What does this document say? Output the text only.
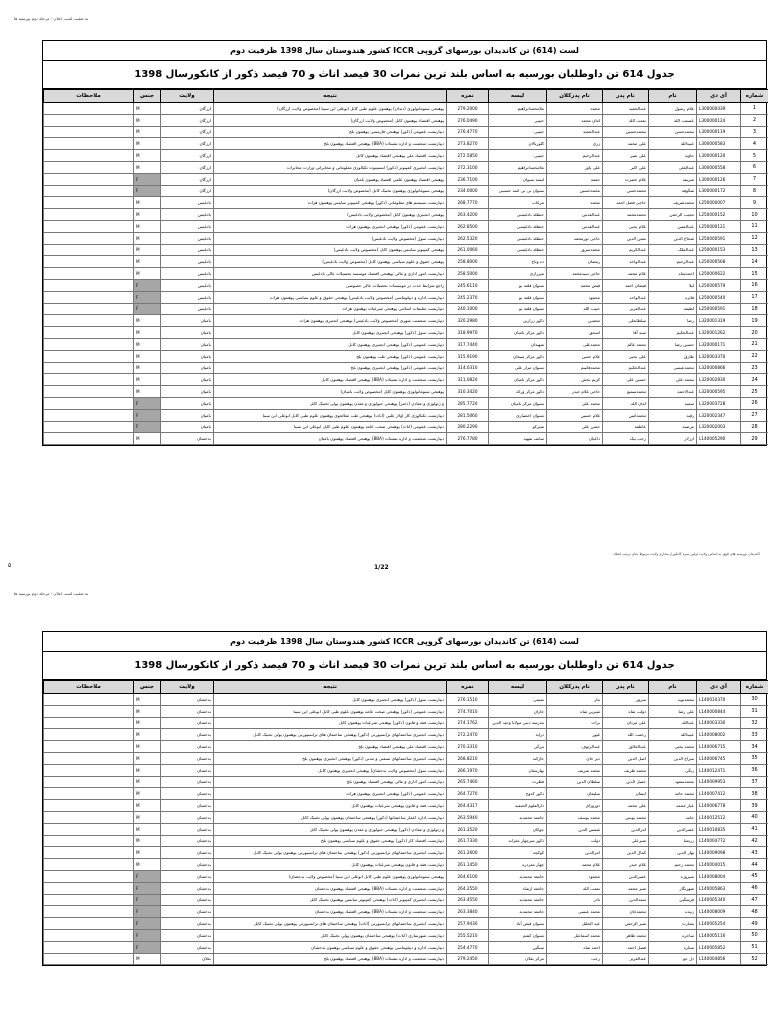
به تعقیب لست اعلان - مرحله دوم بورسیه ها
لست (614) تن کاندیدان بورسهای گروپی ICCR کشور هندوستان سال 1398 ظرفیت دوم
جدول 614 تن داوطلبان بورسیه به اساس بلند ترین نمرات 30 فیصد اناث و 70 فیصد ذکور از کانکورسال 1398
شماره	آی دی	نام	نام پدر	نام پدرکلان	لیسه	نمره	نتیجه	ولایت	جنس	ملاحظات
1	L300000439	غلام رسول	عبدالحمید	محمد	ملامحمدابراهیم	279.2000	پوهنحی ستوماتولوژی (دندان) پوهنتون علوم طبی کابل ابوعلی ابن سینا (مخصوص ولایت ارزگان)	ارزگان	M	
2	L300000124	عصمت الله	نعمت الله	امان محمد	حبیبی	276.0490	پوهنحی اقتصاد پوهنتون کابل (مخصوص ولایت ارزگان)	ارزگان	M	
3	L300000119	محمدحسن	محمدحسین	عبدالحمید	حبیبی	276.4770	دیپارتمنت عمومی (ذکور) پوهنحی فارمسی پوهنتون بلخ	ارزگان	M	
4	L300000583	عبیدالله	علی محمد	زری	کلوربالان	273.8270	دیپارتمنت منجمنت و اداره تشبثات (BBA) پوهنحی اقتصاد پوهنتون بلخ	ارزگان	M	
5	L300000120	جاوید	علی شیر	عبدالرحیم	حبیبی	272.5850	دیپارتمنت اقتصاد ملی پوهنحی اقتصاد پوهنتون کابل	ارزگان	M	
6	L300000558	عبدالعلی	علی اکبر	علی یاور	ملامحمدابراهیم	272.3100	دیپارتمنت انجنیری کمپیوتر (ذکور) انستیتوت تکنالوژی معلوماتی و مخابراتی وزارت مخابرات	ارزگان	M	
7	L300000126	شریفه	غلام حضرت	جمعه	لیسه نسوان	236.7100	پوهنحی اقتصاد پوهنتون علمی اقتصاد پوهنتون بامیان	ارزگان	F	
8	L300000172	شگوفه	محمدحسن	محمدحسین	نسوان بی بی امنه حسینی	234.0000	پوهنحی ستوماتولوژی پوهنتون تخنیک کابل (مخصوص ولایت ارزگان)	ارزگان	F	
9	L250000007	محمدشریف	حاجی فضل احمد	محمد	مرغاب	268.7770	دیپارتمنت سیستم های معلوماتی (ذکور) پوهنحی کمپیوتر ساینس پوهنتون هرات	بادغیس	M	
10	L250000152	مجیب الرحمن	محمدمحمد	عبدالقدس	حنظله بادغیسی	263.4200	پوهنحی انجنیری پوهنتون کابل (مخصوص ولایت بادغیس)	بادغیس	M	
11	L250000121	عبدالمتین	غلام یحیی	عبدالقدس	حنظله بادغیسی	262.8500	دیپارتمنت عمومی (ذکور) پوهنحی انجنیری پوهنتون هرات	بادغیس	M	
12	L250000591	شجاع الدین	معین الدین	حاجی نورمحمد	حنظله بادغیسی	262.5320	دیپارتمنت سول (مخصوص ولایت بادغیس)	بادغیس	M	
13	L250000153	عبدالملک	عبدالکریم	محمدسرور	حنظله بادغیسی	261.0060	پوهنحی کمپیوتر ساینس پوهنتون کابل (مخصوص ولایت بادغیس)	بادغیس	M	
14	L250000568	عبدالرحیم	عبدالواحد	رمضان	ده وتاج	258.8000	پوهنحی حقوق و علوم سیاسی پوهنتون کابل (مخصوص ولایت بادغیس)	بادغیس	M	
15	L250000622	احمدشاه	غلام محمد	حاجی سیدمحمد	میرزازی	258.5000	دیپارتمنت امور اداری و مالی پوهنحی اقتصاد موسسه تحصیلات عالی بادغیس	بادغیس	M	
16	L250000579	لیلا	فیضان احمد	فیض محمد	نسوان قلعه نو	245.6110	راجع شرایط جذب در موسسات تحصیلات عالی خصوصی	بادغیس	F	
17	L250000540	فائزه	عبدالواحد	محمود	نسوان قلعه نو	245.2370	دیپارتمنت اداره و دیپلوماسی (مخصوص ولایت بادغیس) پوهنحی حقوق و علوم سیاسی پوهنتون هرات	بادغیس	F	
18	L250000591	لطیفه	عبدالعزیز	حبیب الله	نسوان قلعه نو	240.1000	دیپارتمنت تعلیمات اسلامی پوهنحی شرعیات پوهنتون هرات	بادغیس	F	
19	L320001319	رضا	سلطانعلی	محسن	ذکور زرارین	320.2980	دیپارتمنت منجمنت شهری (مخصوص ولایت بادغیس) پوهنحی انجنیری پوهنتون هرات	بامیان	M	
20	L320001262	عبدالحکیم	سید آقا	اسحق	ذکور مرکز بامیان	318.9970	دیپارتمنت سول (ذکور) پوهنحی انجنیری پوهنتون کابل	بامیان	M	
21	L320000171	حسین رضا	محمد عالم	محمدعلی	شهیدان	317.7440	دیپارتمنت عمومی (ذکور) پوهنحی انجنیری پوهنتون کابل	بامیان	M	
22	L320003370	طارق	علی یحیی	غلام حسن	ذکور مرکز سیغان	315.9190	دیپارتمنت عمومی (ذکور) پوهنحی طب پوهنتون بلخ	بامیان	M	
23	L320000866	محمدعیسی	عبدالحکیم	محمدقاسم	نسوان مزار علی	314.0310	دیپارتمنت عمومی (ذکور) پوهنحی انجنیری پوهنتون بلخ	بامیان	M	
24	L320002830	محمد علی	حسین علی	کریم بخش	ذکور مرکز بامیان	311.0820	دیپارتمنت منجمنت و اداره تشبثات (BBA) پوهنحی اقتصاد پوهنتون کابل	بامیان	M	
25	L320000595	عبدالاحمد	محمدسمیع	حاجی غلام حیدر	ذکور مرکز ورکه	310.3420	پوهنحی ستوماتولوژی پوهنتون کابل (مخصوص ولایت بامیان)	بامیان	M	
26	L320003728	سمیه	امان الله	محمد علی	نسوان مرکز بامیان	285.7720	و ژئولوژی و معادن (دختر) پوهنحی جیولوژی و معدن پوهنتون پولی تخنیک کابل	بامیان	F	
27	L320002347	رقیه	محمدامین	غلام حسین	نسوان اختصاری	281.5060	دیپارتمنت تکنالوژی کار اولار علیی (اناث) پوهنحی طب معالجوی پوهنتون علوم طبی کابل ابوعلی ابن سینا	بامیان	F	
28	L320002003	مرضیه	عاطفه	حسن علی	شیرکو	280.2290	دیپارتمنت عمومی (اناث) پوهنحی صحت عامه پوهنتون علوم طبی کابل ابوعلی ابن سینا	بامیان	F	
29	L140005290	ارزلار	رجب بیک	داعیان	سانف شهید	276.7780	دیپارتمنت منجمنت و اداره تشبثات (BBA) پوهنحی اقتصاد پوهنتون بامیان	بدخشان	M	
۵
کاندیدان بورسیه های فوق به اساس ولایت اولین نمره کانکوراز مخارج ولایت مربوط شان ترتیب اصلاد
1/22
به تعقیب لست اعلان - مرحله دوم بورسیه ها
لست (614) تن کاندیدان بورسهای گروپی ICCR کشور هندوستان سال 1398 ظرفیت دوم
جدول 614 تن داوطلبان بورسیه به اساس بلند ترین نمرات 30 فیصد اناث و 70 فیصد ذکور از کانکورسال 1398
شماره	آی دی	نام	نام پدر	نام پدرکلان	لیسه	نمره	نتیجه	ولایت	جنس	ملاحظات
30	L140010370	محمدنوید	سرور	نثار	تمیمی	276.1510	دیپارتمنت سول (ذکور) پوهنحی انجنیری پوهنتون کابل	بدخشان	M	
31	L140000844	علی رضا	دولت شاه	شیرین شاه	خاران	274.7010	دیپارتمنت عمومی (ذکور) پوهنحی صحت عامه پوهنتون علوم طبی کابل ابوعلی ابن سینا	بدخشان	M	
32	L140003330	عبدالله	علی مردان	برات	مدرسه دینی مولانا وحید الدین	274.1762	دیپارتمنت فقه و قانون (ذکور) پوهنحی شرعیات پوهنتون کابل	بدخشان	M	
33	L140008002	عبیدالله	رحمت الله	غیور	درایه	272.2470	دیپارتمنت انجنیری ساختمانهای ترانسپورتی (ذکور) پوهنحی ساختمان های ترانسپورتی پوهنتون پولی تخنیک کابل	بدخشان	M	
34	L140006715	محمد یحیی	عبدالخالق	عبدالرئوف	تیرگی	270.3310	دیپارتمنت اقتصاد ملی پوهنحی اقتصاد پوهنتون بلخ	بدخشان	M	
35	L140006745	سراج الدین	اصل الدین	دیر خان	خارکند	268.8210	دیپارتمنت انجنیری ساختمانهای صنعتی و مدنی (ذکور) پوهنحی انجنیری پوهنتون بلخ	بدخشان	M	
36	L140012471	زنگی	محمد ظریف	محمد شریف	بهارستان	266.1970	دیپارتمنت سول (مخصوص ولایت بدخشان) پوهنحی انجنیری پوهنتون کابل	بدخشان	M	
37	L140009953	محمدسعود	جمیل الدین	سلطان الدین	فطرت	265.7460	دیپارتمنت امور اداری و مالی پوهنحی اقتصاد پوهنتون بلخ	بدخشان	M	
38	L140007412	محمد حامد	ایشان	سلیمان	ذکور کدوج	264.7270	دیپارتمنت عمومی (ذکور) پوهنحی انجنیری پوهنتون هرات	بدخشان	M	
39	L140006778	عیار محمد	علی محمد	دوروزای	دارالعلوم الحنفیه	264.4317	دیپارتمنت فقه و قانون پوهنحی شرعیات پوهنتون کابل	بدخشان	M	
40	L140012512	حامد	محمد یونس	محمد یوسف	جامعه محمدیه	263.5940	دیپارتمنت اداره اعمار ساختمانها (ذکور) پوهنحی ساختمان پوهنتون پولی تخنیک کابل	بدخشان	M	
41	L140010835	عصرالدین	امرالدین	شمس الدین	چوکان	261.3520	و ژئولوژی و معادن (ذکور) پوهنحی جیولوژی و معدن پوهنتون پولی تخنیک کابل	بدخشان	M	
42	L140004772	زرتشا	شیرعلی	دولت	ذکور سرچهار مغزانه	261.7330	دیپارتمنت اقتصاد کار (ذکور) پوهنحی حقوق و علوم سیاسی پوهنتون بلخ	بدخشان	M	
43	L140009098	بهار الدین	کمال الدین	امرالدین	کوکچه	261.2600	دیپارتمنت انجنیری ساختمانهای ترانسپورتی (ذکور) پوهنحی ساختمان های ترانسپورتی پوهنتون پولی تخنیک کابل	بدخشان	M	
44	L140004015	محمد رحیم	غلام حیدر	غلام محمد	چهار مغزدره	261.1450	دیپارتمنت فقه و قانون پوهنحی شرعیات پوهنتون کابل	بدخشان	M	
45	L140008004	منیروزه	عصرالدین	محمود	جامعه محمدیه	264.6100	پوهنحی ستوماتولوژی پوهنتون علوم طبی کابل ابوعلی ابن سینا (مخصوص ولایت بدخشان)	بدخشان	F	
46	L140005863	شهرنگار	شیر محمد	نعمت الله	جامعه ارشاد	264.2550	دیپارتمنت منجمنت و اداره تشبثات (BBA) پوهنحی اقتصاد پوهنتون بدخشان	بدخشان	F	
47	L140005340	فرشگین	سعدالدین	نادر	جامعه محمدیه	263.4550	دیپارتمنت انجنیری کمپیوتر (اناث) پوهنحی کمپیوتر ساینس پوهنتون تخنیک کابل	بدخشان	F	
48	L140008009	زبیده	محمدخان	محمد عیسی	جامعه محمدیه	263.3840	دیپارتمنت منجمنت و اداره تشبثات (BBA) پوهنحی اقتصاد پوهنتون بدخشان	بدخشان	F	
49	L140005254	بشارت	شیر الرحمن	عبد الجلیل	نسوان فیض آباد	257.9430	دیپارتمنت انجنیری ساختمانهای ترانسپورتی (اناث) پوهنحی ساختمان های ترانسپورتی پوهنتون پولی تخنیک کابل	بدخشان	F	
50	L140005116	ساحره	محمد ظاهر	محمد اسماعیل	نسوان کشم	255.5210	دیپارتمنت شهرسازی (اناث) پوهنحی ساختمان پوهنتون پولی تخنیک کابل	بدخشان	F	
51	L140005852	ستاره	فضل احمد	احمد شاه	سنگین	254.4770	دیپارتمنت اداره و دیپلوماسی پوهنحی حقوق و علوم سیاسی پوهنتون بدخشان	بدخشان	F	
52	L140004856	دل جو	عبدالعزیز	رجب	مرکز بغلان	279.2450	دیپارتمنت منجمنت و اداره تشبثات (BBA) پوهنحی اقتصاد پوهنتون بلخ	بغلان	M	
